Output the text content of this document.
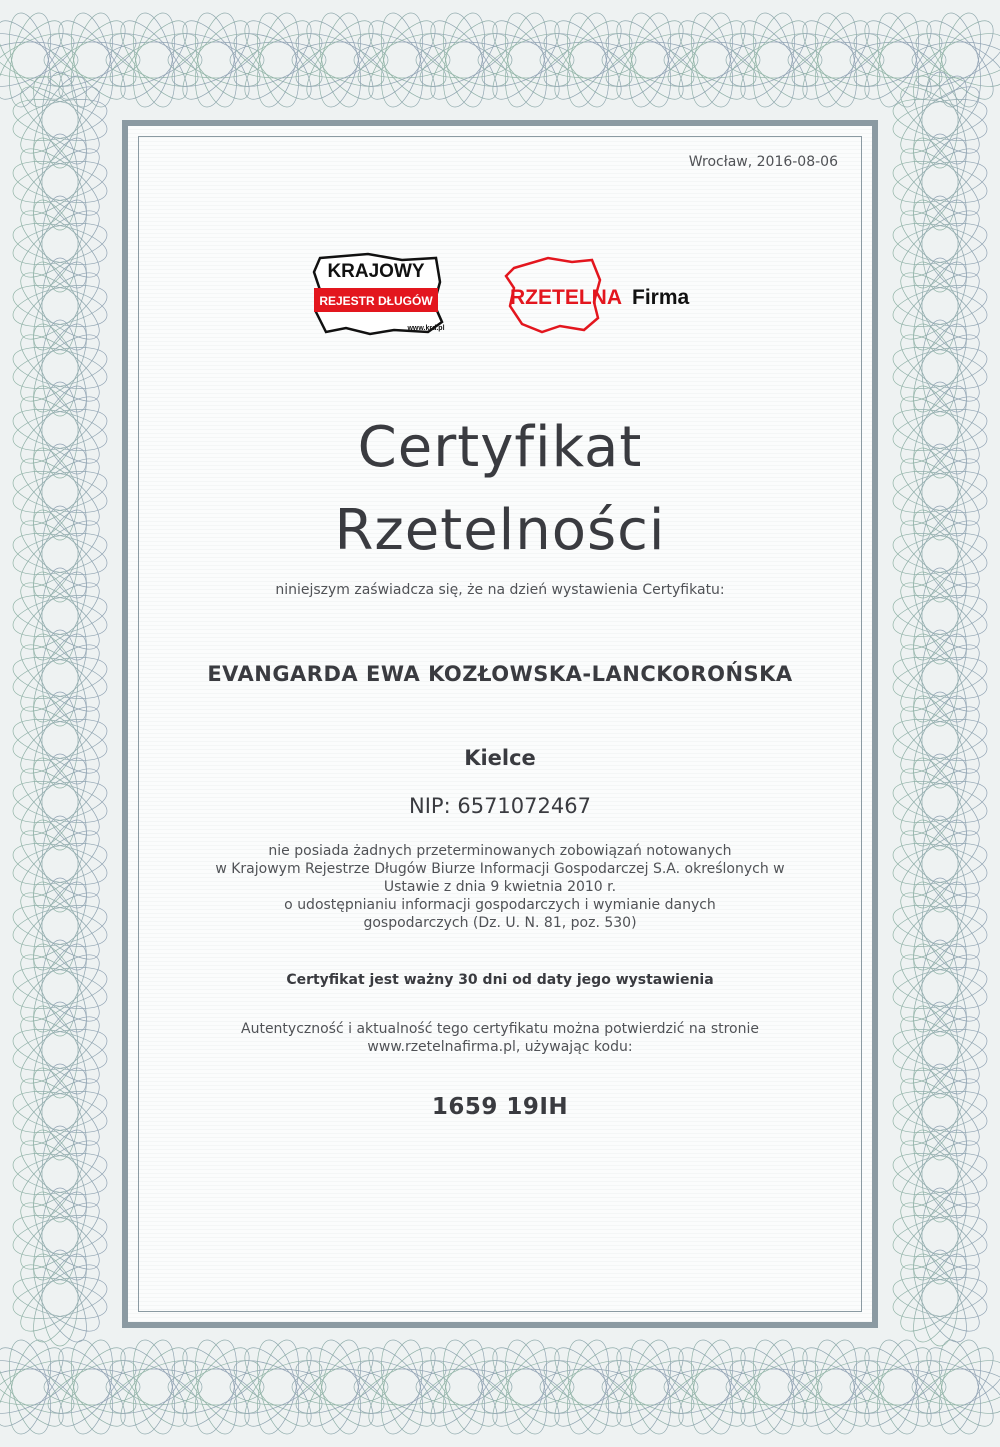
Wrocław, 2016-08-06
KRAJOWY
REJESTR DŁUGÓW
www.krd.pl
RZETELNA Firma
Certyfikat
Rzetelności
niniejszym zaświadcza się, że na dzień wystawienia Certyfikatu:
EVANGARDA EWA KOZŁOWSKA-LANCKOROŃSKA
Kielce
NIP: 6571072467
nie posiada żadnych przeterminowanych zobowiązań notowanych
w Krajowym Rejestrze Długów Biurze Informacji Gospodarczej S.A. określonych w
Ustawie z dnia 9 kwietnia 2010 r.
o udostępnianiu informacji gospodarczych i wymianie danych
gospodarczych (Dz. U. N. 81, poz. 530)
Certyfikat jest ważny 30 dni od daty jego wystawienia
Autentyczność i aktualność tego certyfikatu można potwierdzić na stronie
www.rzetelnafirma.pl, używając kodu:
1659 19IH
